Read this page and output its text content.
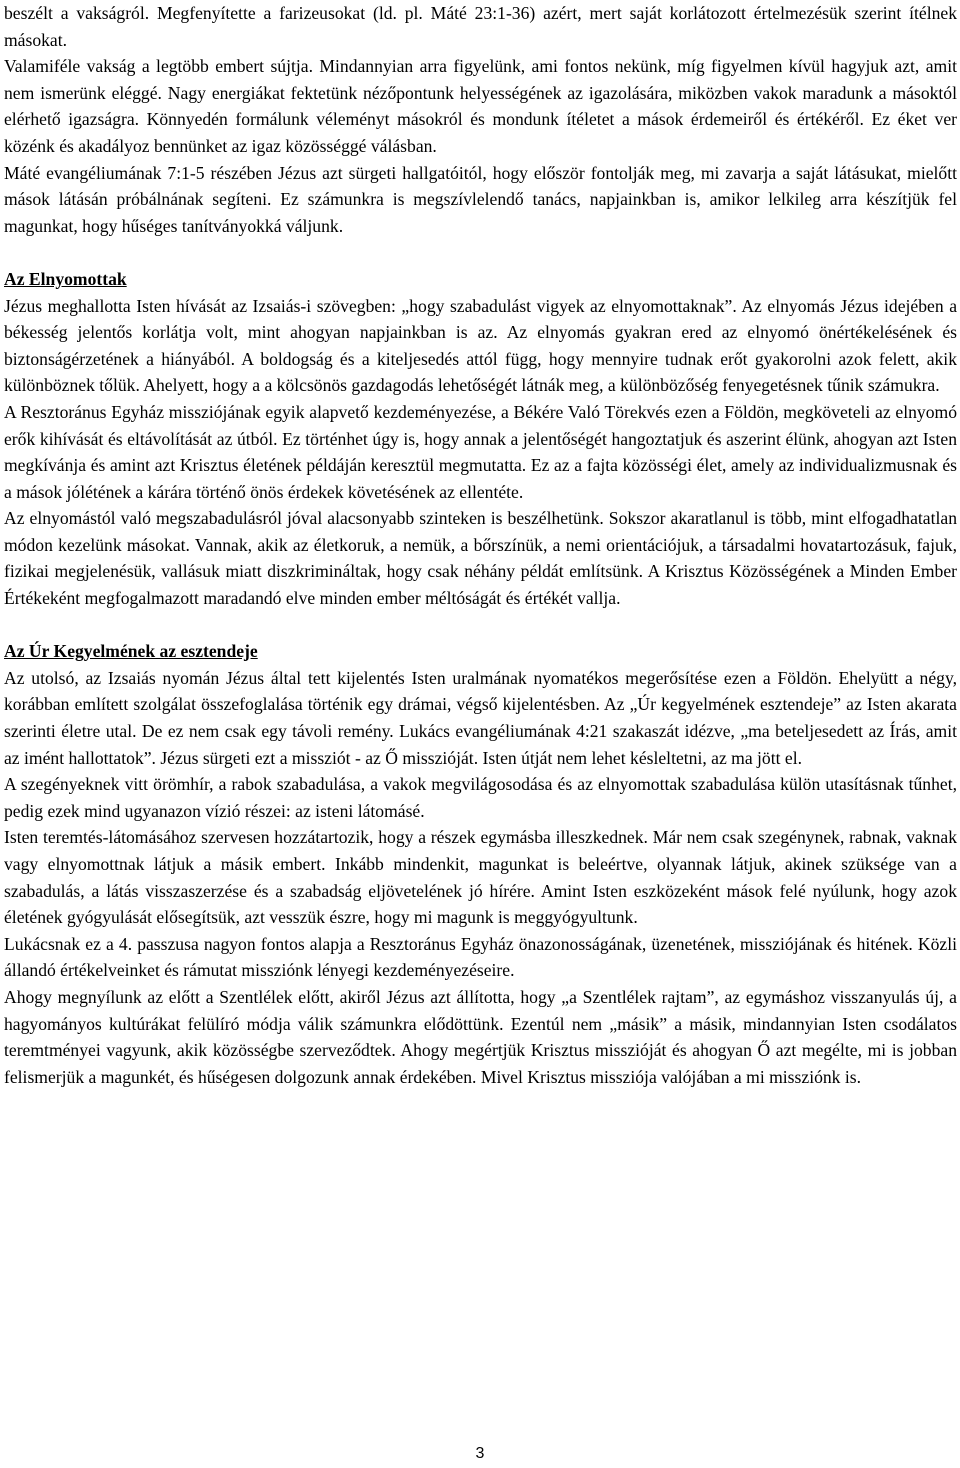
beszélt a vakságról. Megfenyítette a farizeusokat (ld. pl. Máté 23:1-36) azért, mert saját korlátozott értelmezésük szerint ítélnek másokat.

Valamiféle vakság a legtöbb embert sújtja. Mindannyian arra figyelünk, ami fontos nekünk, míg figyelmen kívül hagyjuk azt, amit nem ismerünk eléggé. Nagy energiákat fektetünk nézőpontunk helyességének az igazolására, miközben vakok maradunk a másoktól elérhető igazságra. Könnyedén formálunk véleményt másokról és mondunk ítéletet a mások érdemeiről és értékéről. Ez éket ver közénk és akadályoz bennünket az igaz közösséggé válásban.

Máté evangéliumának 7:1-5 részében Jézus azt sürgeti hallgatóitól, hogy először fontolják meg, mi zavarja a saját látásukat, mielőtt mások látásán próbálnának segíteni. Ez számunkra is megszívlelendő tanács, napjainkban is, amikor lelkileg arra készítjük fel magunkat, hogy hűséges tanítványokká váljunk.

Az Elnyomottak

Jézus meghallotta Isten hívását az Izsaiás-i szövegben: „hogy szabadulást vigyek az elnyomottaknak”. Az elnyomás Jézus idejében a békesség jelentős korlátja volt, mint ahogyan napjainkban is az. Az elnyomás gyakran ered az elnyomó önértékelésének és biztonságérzetének a hiányából. A boldogság és a kiteljesedés attól függ, hogy mennyire tudnak erőt gyakorolni azok felett, akik különböznek tőlük. Ahelyett, hogy a a kölcsönös gazdagodás lehetőségét látnák meg, a különbözőség fenyegetésnek tűnik számukra.

A Resztoránus Egyház missziójának egyik alapvető kezdeményezése, a Békére Való Törekvés ezen a Földön, megköveteli az elnyomó erők kihívását és eltávolítását az útból. Ez történhet úgy is, hogy annak a jelentőségét hangoztatjuk és aszerint élünk, ahogyan azt Isten megkívánja és amint azt Krisztus életének példáján keresztül megmutatta. Ez az a fajta közösségi élet, amely az individualizmusnak és a mások jólétének a kárára történő önös érdekek követésének az ellentéte.

Az elnyomástól való megszabadulásról jóval alacsonyabb szinteken is beszélhetünk. Sokszor akaratlanul is több, mint elfogadhatatlan módon kezelünk másokat. Vannak, akik az életkoruk, a nemük, a bőrszínük, a nemi orientációjuk, a társadalmi hovatartozásuk, fajuk, fizikai megjelenésük, vallásuk miatt diszkrimináltak, hogy csak néhány példát említsünk. A Krisztus Közösségének a Minden Ember Értékeként megfogalmazott maradandó elve minden ember méltóságát és értékét vallja.

Az Úr Kegyelmének az esztendeje

Az utolsó, az Izsaiás nyomán Jézus által tett kijelentés Isten uralmának nyomatékos megerősítése ezen a Földön. Ehelyütt a négy, korábban említett szolgálat összefoglalása történik egy drámai, végső kijelentésben. Az „Úr kegyelmének esztendeje” az Isten akarata szerinti életre utal. De ez nem csak egy távoli remény. Lukács evangéliumának 4:21 szakaszát idézve, „ma beteljesedett az Írás, amit az imént hallottatok”. Jézus sürgeti ezt a missziót - az Ő misszióját. Isten útját nem lehet késleltetni, az ma jött el.

A szegényeknek vitt örömhír, a rabok szabadulása, a vakok megvilágosodása és az elnyomottak szabadulása külön utasításnak tűnhet, pedig ezek mind ugyanazon vízió részei: az isteni látomásé.

Isten teremtés-látomásához szervesen hozzátartozik, hogy a részek egymásba illeszkednek. Már nem csak szegénynek, rabnak, vaknak vagy elnyomottnak látjuk a másik embert. Inkább mindenkit, magunkat is beleértve, olyannak látjuk, akinek szüksége van a szabadulás, a látás visszaszerzése és a szabadság eljövetelének jó hírére. Amint Isten eszközeként mások felé nyúlunk, hogy azok életének gyógyulását elősegítsük, azt vesszük észre, hogy mi magunk is meggyógyultunk.

Lukácsnak ez a 4. passzusa nagyon fontos alapja a Resztoránus Egyház önazonosságának, üzenetének, missziójának és hitének. Közli állandó értékelveinket és rámutat missziónk lényegi kezdeményezéseire.

Ahogy megnyílunk az előtt a Szentlélek előtt, akiről Jézus azt állította, hogy „a Szentlélek rajtam”, az egymáshoz visszanyulás új, a hagyományos kultúrákat felülíró módja válik számunkra elődöttünk. Ezentúl nem „másik” a másik, mindannyian Isten csodálatos teremtményei vagyunk, akik közösségbe szerveződtek. Ahogy megértjük Krisztus misszióját és ahogyan Ő azt megélte, mi is jobban felismerjük a magunkét, és hűségesen dolgozunk annak érdekében. Mivel Krisztus missziója valójában a mi missziónk is.

3
